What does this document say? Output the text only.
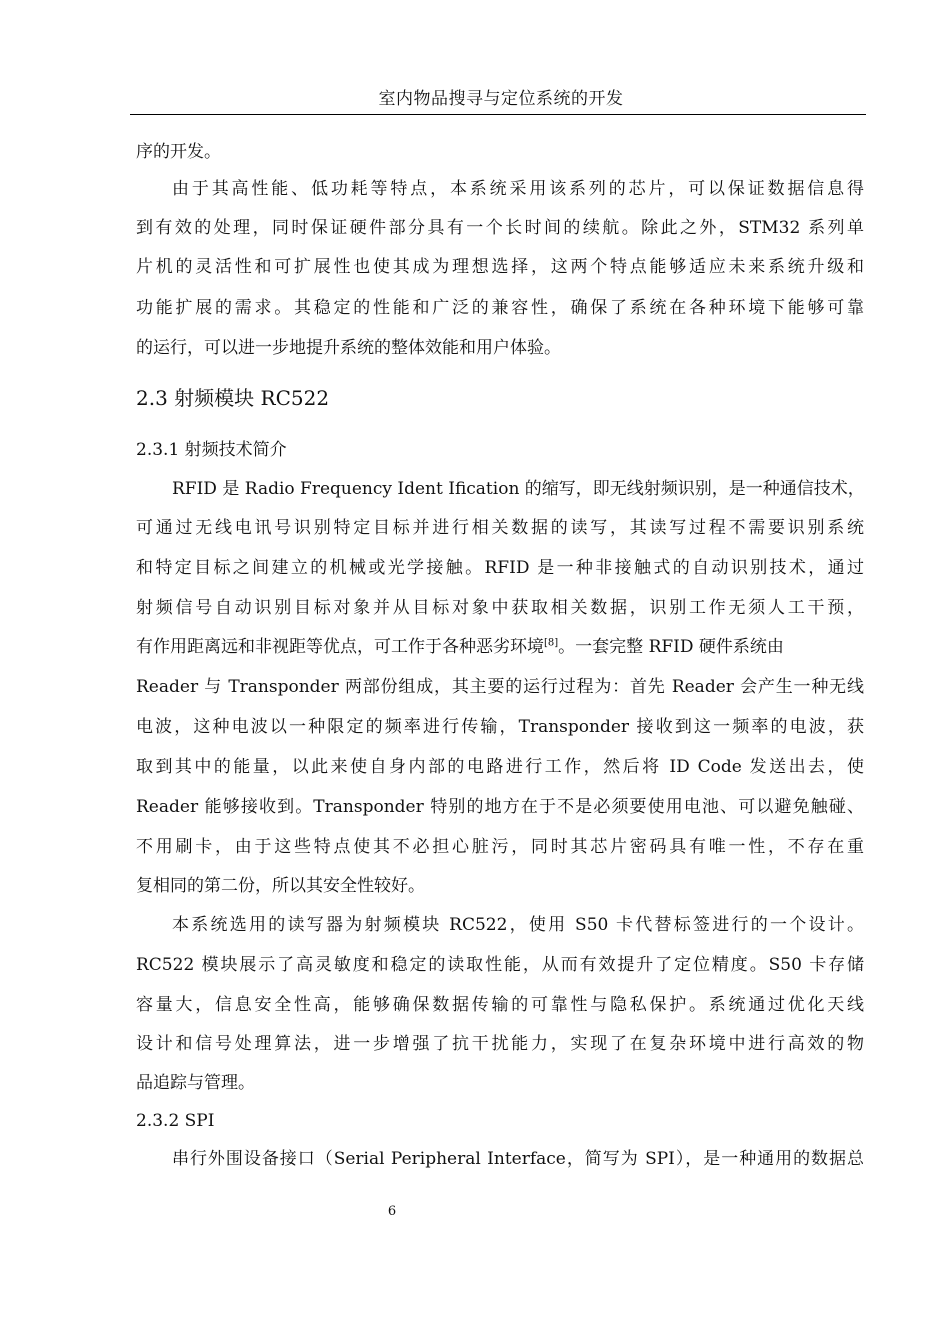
室内物品搜寻与定位系统的开发
序的开发。
由于其高性能、低功耗等特点，本系统采用该系列的芯片，可以保证数据信息得
到有效的处理，同时保证硬件部分具有一个长时间的续航。除此之外，STM32 系列单
片机的灵活性和可扩展性也使其成为理想选择，这两个特点能够适应未来系统升级和
功能扩展的需求。其稳定的性能和广泛的兼容性，确保了系统在各种环境下能够可靠
的运行，可以进一步地提升系统的整体效能和用户体验。
2.3 射频模块 RC522
2.3.1 射频技术简介
RFID 是 Radio Frequency Ident Ification 的缩写，即无线射频识别，是一种通信技术，
可通过无线电讯号识别特定目标并进行相关数据的读写，其读写过程不需要识别系统
和特定目标之间建立的机械或光学接触。RFID 是一种非接触式的自动识别技术，通过
射频信号自动识别目标对象并从目标对象中获取相关数据，识别工作无须人工干预，
有作用距离远和非视距等优点，可工作于各种恶劣环境[8]。一套完整 RFID 硬件系统由
Reader 与 Transponder 两部份组成，其主要的运行过程为：首先 Reader 会产生一种无线
电波，这种电波以一种限定的频率进行传输，Transponder 接收到这一频率的电波，获
取到其中的能量，以此来使自身内部的电路进行工作，然后将 ID Code 发送出去，使
Reader 能够接收到。Transponder 特别的地方在于不是必须要使用电池、可以避免触碰、
不用刷卡，由于这些特点使其不必担心脏污，同时其芯片密码具有唯一性，不存在重
复相同的第二份，所以其安全性较好。
本系统选用的读写器为射频模块 RC522，使用 S50 卡代替标签进行的一个设计。
RC522 模块展示了高灵敏度和稳定的读取性能，从而有效提升了定位精度。S50 卡存储
容量大，信息安全性高，能够确保数据传输的可靠性与隐私保护。系统通过优化天线
设计和信号处理算法，进一步增强了抗干扰能力，实现了在复杂环境中进行高效的物
品追踪与管理。
2.3.2 SPI
串行外围设备接口（Serial Peripheral Interface，简写为 SPI），是一种通用的数据总
6
